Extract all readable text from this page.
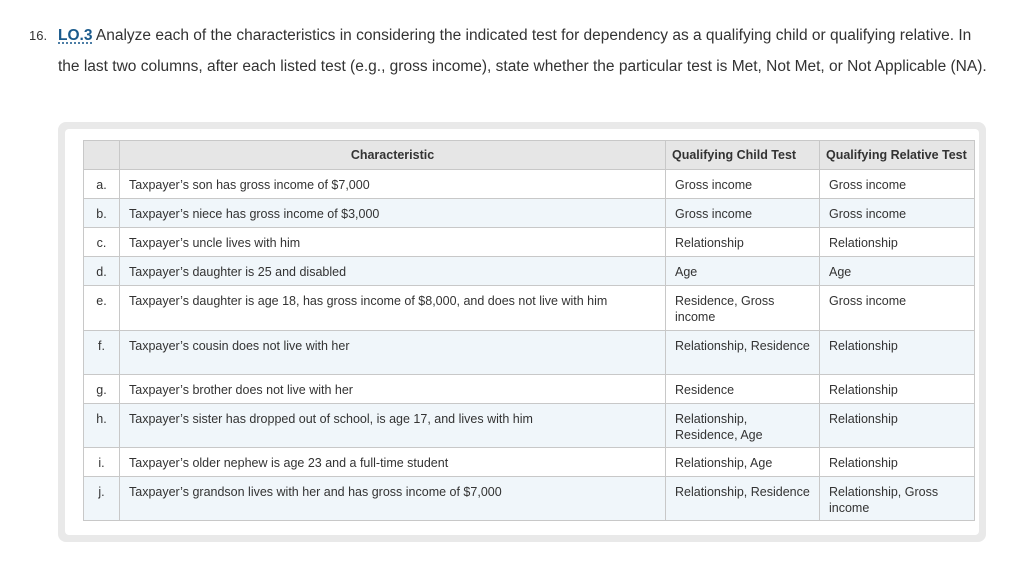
16. LO.3 Analyze each of the characteristics in considering the indicated test for dependency as a qualifying child or qualifying relative. In the last two columns, after each listed test (e.g., gross income), state whether the particular test is Met, Not Met, or Not Applicable (NA).
	Characteristic	Qualifying Child Test	Qualifying Relative Test
a.	Taxpayer’s son has gross income of $7,000	Gross income	Gross income
b.	Taxpayer’s niece has gross income of $3,000	Gross income	Gross income
c.	Taxpayer’s uncle lives with him	Relationship	Relationship
d.	Taxpayer’s daughter is 25 and disabled	Age	Age
e.	Taxpayer’s daughter is age 18, has gross income of $8,000, and does not live with him	Residence, Gross income	Gross income
f.	Taxpayer’s cousin does not live with her	Relationship, Residence	Relationship
g.	Taxpayer’s brother does not live with her	Residence	Relationship
h.	Taxpayer’s sister has dropped out of school, is age 17, and lives with him	Relationship, Residence, Age	Relationship
i.	Taxpayer’s older nephew is age 23 and a full-time student	Relationship, Age	Relationship
j.	Taxpayer’s grandson lives with her and has gross income of $7,000	Relationship, Residence	Relationship, Gross income
